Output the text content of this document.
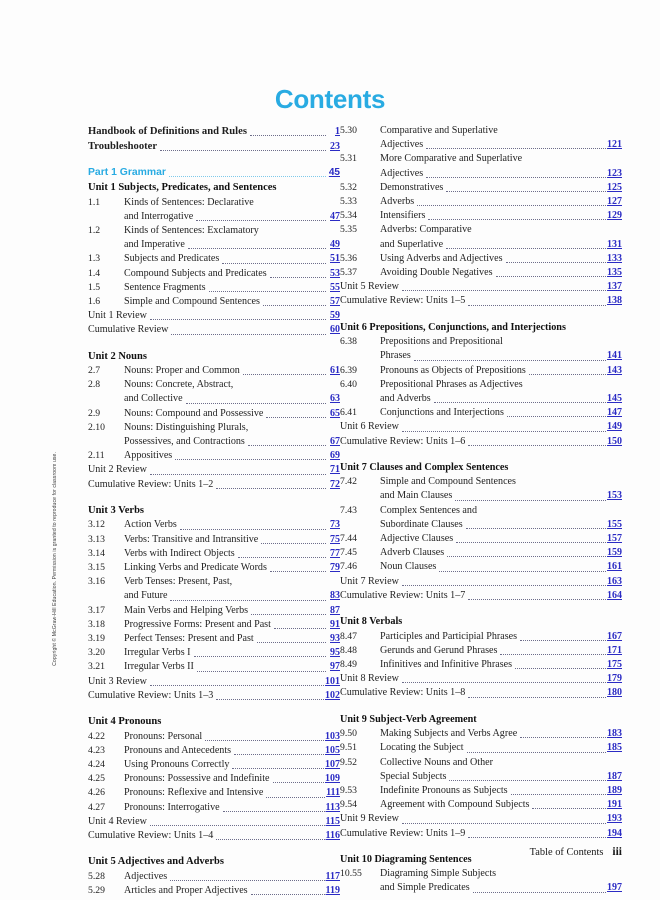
Contents
Handbook of Definitions and Rules	1
Troubleshooter	23
Part 1 Grammar	45
Unit 1 Subjects, Predicates, and Sentences
1.1	Kinds of Sentences: Declarative
and Interrogative	47
1.2	Kinds of Sentences: Exclamatory
and Imperative	49
1.3	Subjects and Predicates	51
1.4	Compound Subjects and Predicates	53
1.5	Sentence Fragments	55
1.6	Simple and Compound Sentences	57
Unit 1 Review	59
Cumulative Review	60
Unit 2 Nouns
2.7	Nouns: Proper and Common	61
2.8	Nouns: Concrete, Abstract,
and Collective	63
2.9	Nouns: Compound and Possessive	65
2.10	Nouns: Distinguishing Plurals,
Possessives, and Contractions	67
2.11	Appositives	69
Unit 2 Review	71
Cumulative Review: Units 1–2	72
Unit 3 Verbs
3.12	Action Verbs	73
3.13	Verbs: Transitive and Intransitive	75
3.14	Verbs with Indirect Objects	77
3.15	Linking Verbs and Predicate Words	79
3.16	Verb Tenses: Present, Past,
and Future	83
3.17	Main Verbs and Helping Verbs	87
3.18	Progressive Forms: Present and Past	91
3.19	Perfect Tenses: Present and Past	93
3.20	Irregular Verbs I	95
3.21	Irregular Verbs II	97
Unit 3 Review	101
Cumulative Review: Units 1–3	102
Unit 4 Pronouns
4.22	Pronouns: Personal	103
4.23	Pronouns and Antecedents	105
4.24	Using Pronouns Correctly	107
4.25	Pronouns: Possessive and Indefinite	109
4.26	Pronouns: Reflexive and Intensive	111
4.27	Pronouns: Interrogative	113
Unit 4 Review	115
Cumulative Review: Units 1–4	116
Unit 5 Adjectives and Adverbs
5.28	Adjectives	117
5.29	Articles and Proper Adjectives	119
5.30	Comparative and Superlative
Adjectives	121
5.31	More Comparative and Superlative
Adjectives	123
5.32	Demonstratives	125
5.33	Adverbs	127
5.34	Intensifiers	129
5.35	Adverbs: Comparative
and Superlative	131
5.36	Using Adverbs and Adjectives	133
5.37	Avoiding Double Negatives	135
Unit 5 Review	137
Cumulative Review: Units 1–5	138
Unit 6 Prepositions, Conjunctions, and Interjections
6.38	Prepositions and Prepositional
Phrases	141
6.39	Pronouns as Objects of Prepositions	143
6.40	Prepositional Phrases as Adjectives
and Adverbs	145
6.41	Conjunctions and Interjections	147
Unit 6 Review	149
Cumulative Review: Units 1–6	150
Unit 7 Clauses and Complex Sentences
7.42	Simple and Compound Sentences
and Main Clauses	153
7.43	Complex Sentences and
Subordinate Clauses	155
7.44	Adjective Clauses	157
7.45	Adverb Clauses	159
7.46	Noun Clauses	161
Unit 7 Review	163
Cumulative Review: Units 1–7	164
Unit 8 Verbals
8.47	Participles and Participial Phrases	167
8.48	Gerunds and Gerund Phrases	171
8.49	Infinitives and Infinitive Phrases	175
Unit 8 Review	179
Cumulative Review: Units 1–8	180
Unit 9 Subject-Verb Agreement
9.50	Making Subjects and Verbs Agree	183
9.51	Locating the Subject	185
9.52	Collective Nouns and Other
Special Subjects	187
9.53	Indefinite Pronouns as Subjects	189
9.54	Agreement with Compound Subjects	191
Unit 9 Review	193
Cumulative Review: Units 1–9	194
Unit 10 Diagraming Sentences
10.55	Diagraming Simple Subjects
and Simple Predicates	197
Table of Contents iii
Copyright © McGraw-Hill Education. Permission is granted to reproduce for classroom use.
